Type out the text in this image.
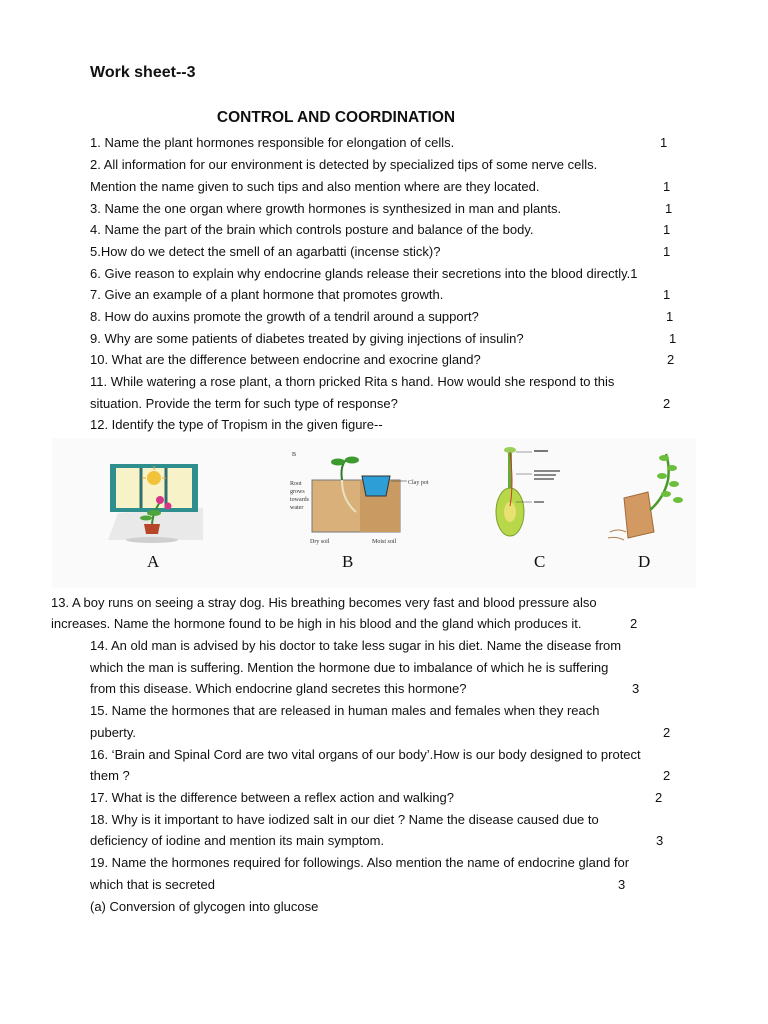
Work sheet--3
CONTROL AND COORDINATION
1. Name the plant hormones responsible for elongation of cells.	1
2. All information for our environment is detected by specialized tips of some nerve cells.
Mention the name given to such tips and also mention where are they located.	1
3. Name the one organ where growth hormones is synthesized in man and plants.	1
4. Name the part of the brain which controls posture and balance of the body.	1
5.How do we detect the smell of an agarbatti (incense stick)?	1
6. Give reason to explain why endocrine glands release their secretions into the blood directly.1
7. Give an example of a plant hormone that promotes growth.	1
8. How do auxins promote the growth of a tendril around a support?	1
9. Why are some patients of diabetes treated by giving injections of insulin?	1
10. What are the difference between endocrine and exocrine gland?	2
11. While watering a rose plant, a thorn pricked Rita s hand. How would she respond to this
situation. Provide the term for such type of response?	2
12. Identify the type of Tropism in the given figure--
A
B
Root
grows
towards
water
Clay pot
Dry soil	Moist soil
B	C	D
13. A boy runs on seeing a stray dog. His breathing becomes very fast and blood pressure also
increases. Name the hormone found to be high in his blood and the gland which produces it.	2
14. An old man is advised by his doctor to take less sugar in his diet. Name the disease from
which the man is suffering. Mention the hormone due to imbalance of which he is suffering
from this disease. Which endocrine gland secretes this hormone?	3
15. Name the hormones that are released in human males and females when they reach
puberty.	2
16. ‘Brain and Spinal Cord are two vital organs of our body’.How is our body designed to protect
them ?	2
17. What is the difference between a reflex action and walking?	2
18. Why is it important to have iodized salt in our diet ? Name the disease caused due to
deficiency of iodine and mention its main symptom.	3
19. Name the hormones required for followings. Also mention the name of endocrine gland for
which that is secreted	3
(a) Conversion of glycogen into glucose
